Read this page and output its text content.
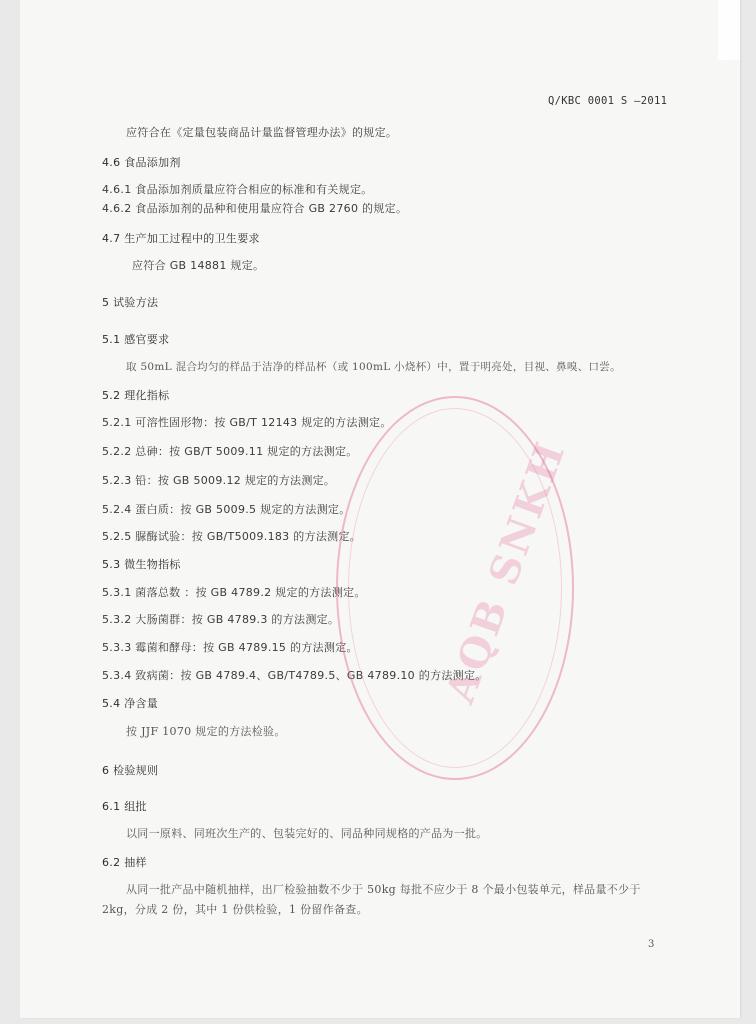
Q/KBC 0001 S —2011
应符合在《定量包装商品计量监督管理办法》的规定。
4.6 食品添加剂
4.6.1 食品添加剂质量应符合相应的标准和有关规定。
4.6.2 食品添加剂的品种和使用量应符合 GB 2760 的规定。
4.7 生产加工过程中的卫生要求
应符合 GB 14881 规定。
5 试验方法
5.1 感官要求
取 50mL 混合均匀的样品于洁净的样品杯（或 100mL 小烧杯）中，置于明亮处，目视、鼻嗅、口尝。
5.2 理化指标
5.2.1 可溶性固形物：按 GB/T 12143 规定的方法测定。
5.2.2 总砷：按 GB/T 5009.11 规定的方法测定。
5.2.3 铅：按 GB 5009.12 规定的方法测定。
5.2.4 蛋白质：按 GB 5009.5 规定的方法测定。
5.2.5 脲酶试验：按 GB/T5009.183 的方法测定。
5.3 微生物指标
5.3.1 菌落总数 ：按 GB 4789.2 规定的方法测定。
5.3.2 大肠菌群：按 GB 4789.3 的方法测定。
5.3.3 霉菌和酵母：按 GB 4789.15 的方法测定。
5.3.4 致病菌：按 GB 4789.4、GB/T4789.5、GB 4789.10 的方法测定。
5.4 净含量
按 JJF 1070 规定的方法检验。
6 检验规则
6.1 组批
以同一原料、同班次生产的、包装完好的、同品种同规格的产品为一批。
6.2 抽样
从同一批产品中随机抽样，出厂检验抽数不少于 50kg 每批不应少于 8 个最小包装单元，样品量不少于 2kg，分成 2 份，其中 1 份供检验，1 份留作备查。
3
AQB SNKH
